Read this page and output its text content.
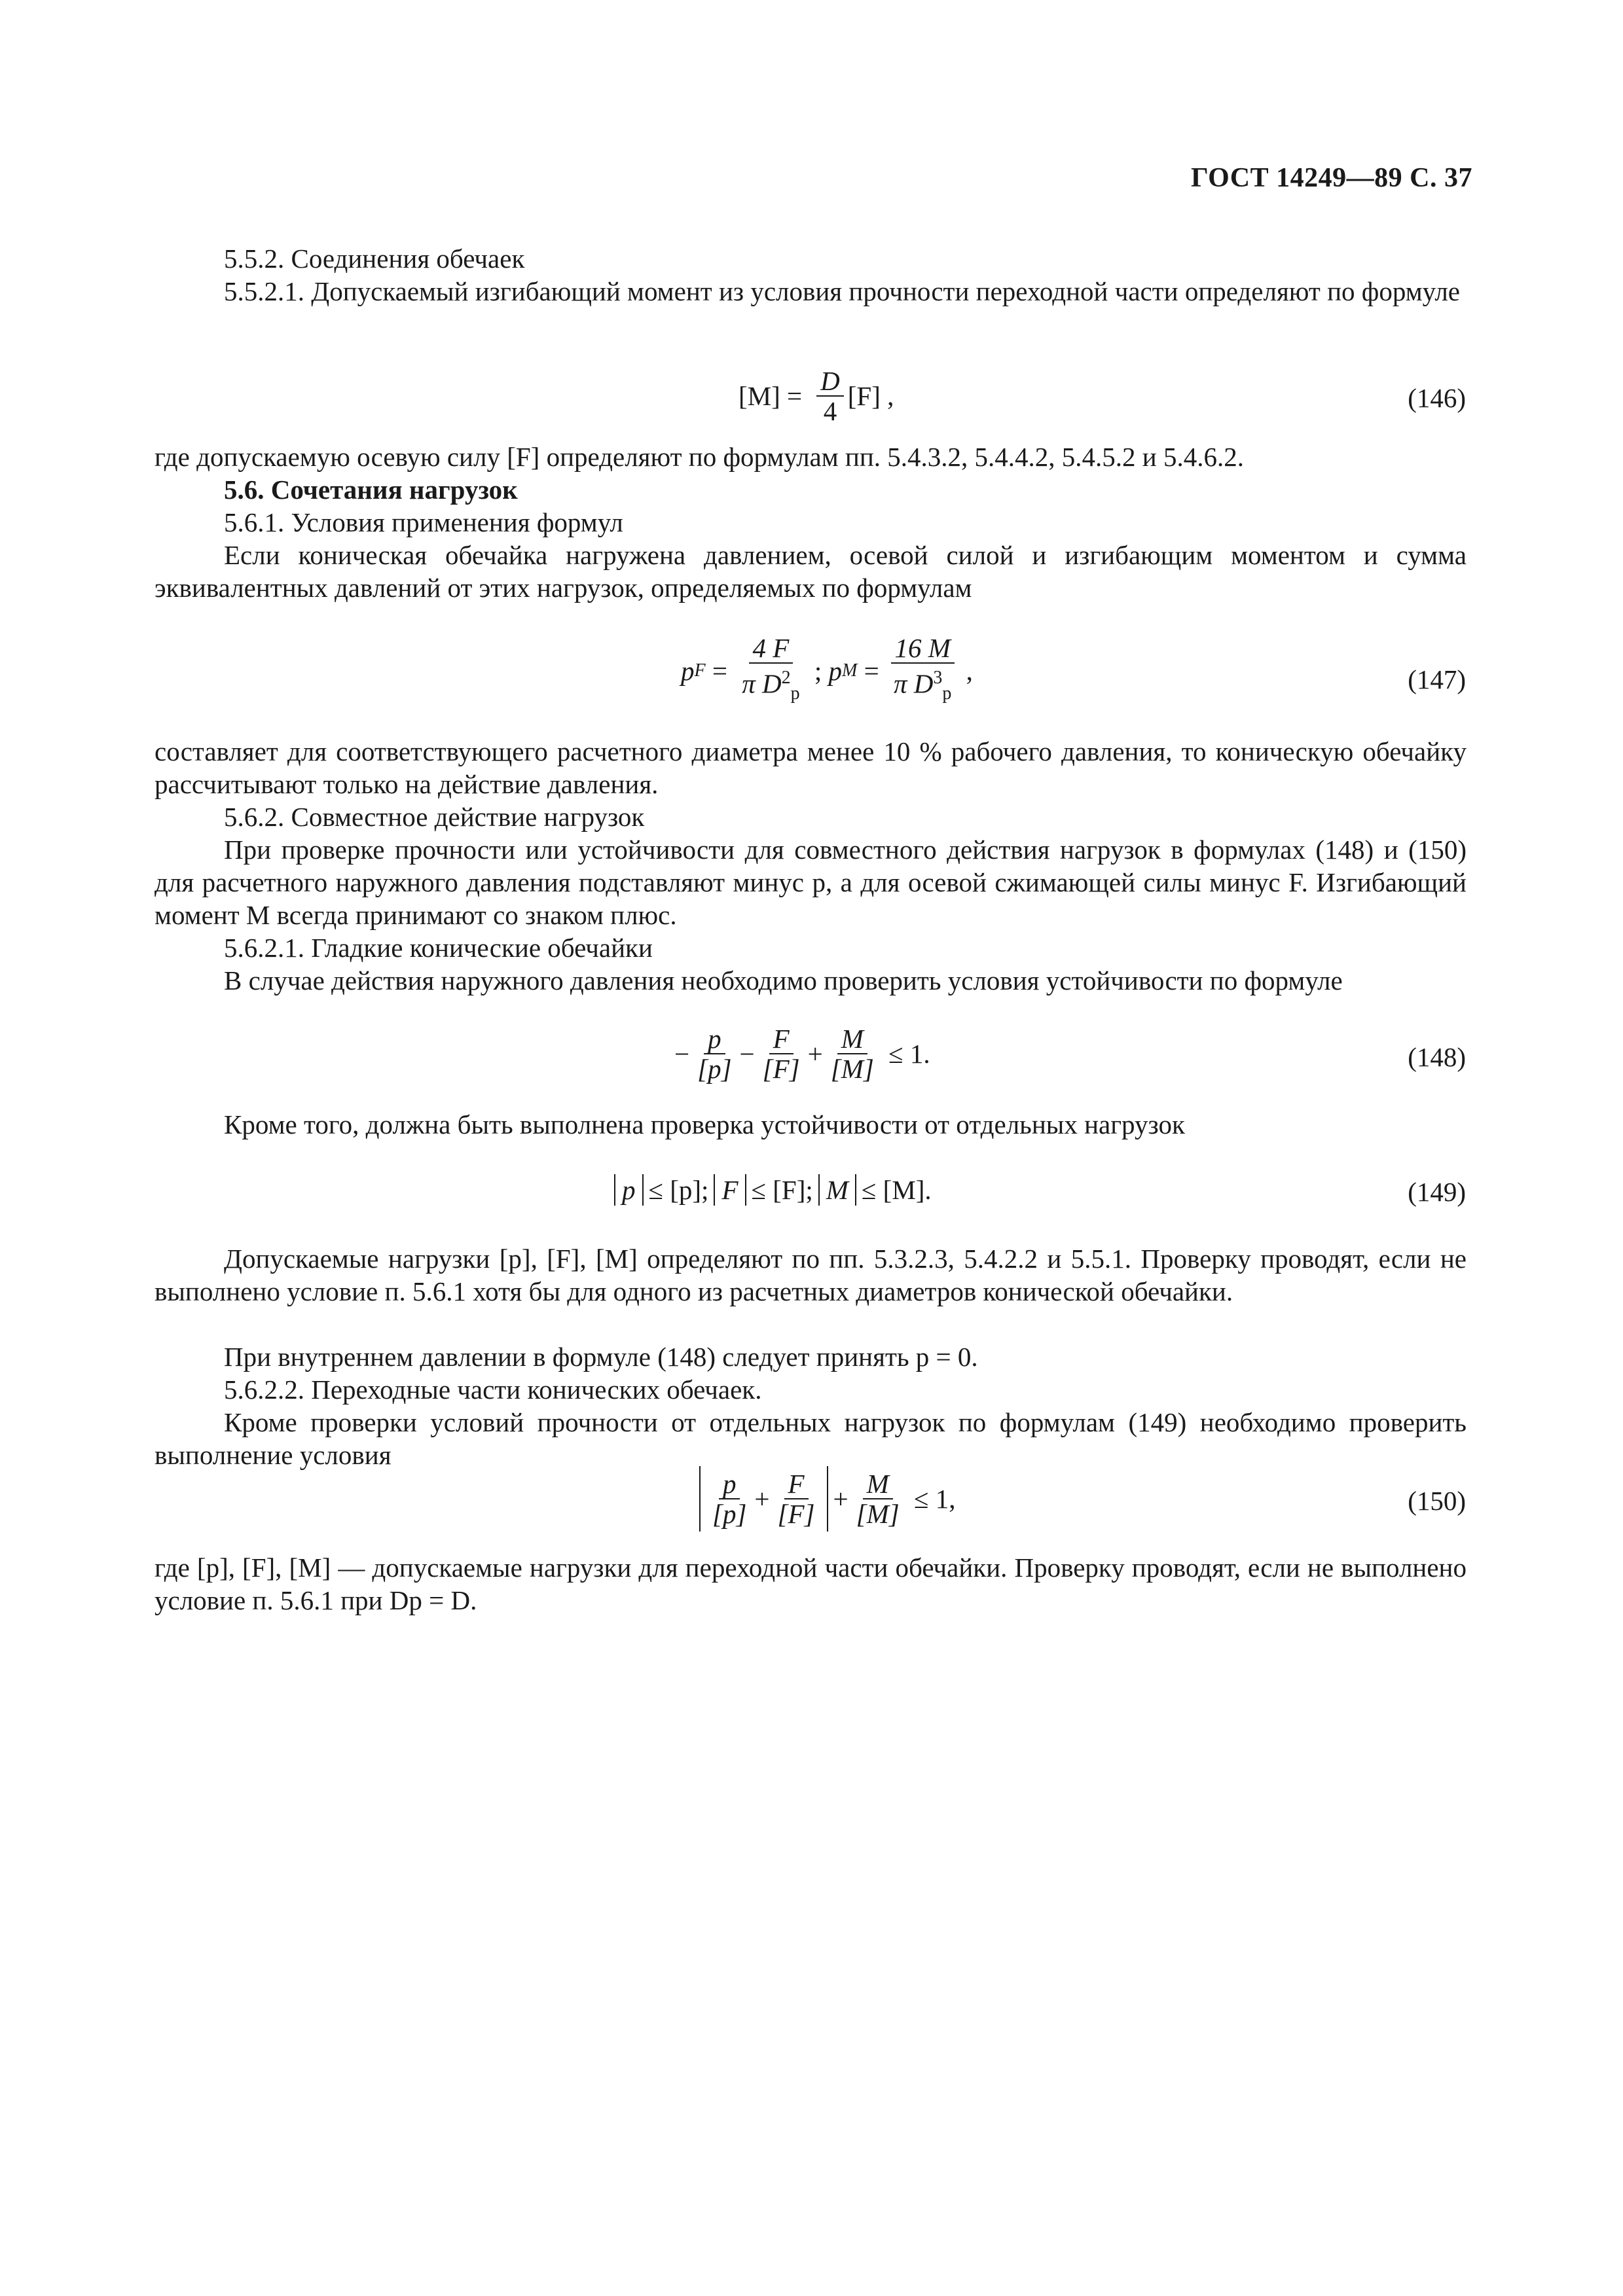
ГОСТ 14249—89 С. 37

5.5.2. Соединения обечаек

5.5.2.1. Допускаемый изгибающий момент из условия прочности переходной части определяют по формуле

$[M] = \frac{D}{4} [F]$ ,	(146)

где допускаемую осевую силу [F] определяют по формулам пп. 5.4.3.2, 5.4.4.2, 5.4.5.2 и 5.4.6.2.

5.6. Сочетания нагрузок

5.6.1. Условия применения формул

Если коническая обечайка нагружена давлением, осевой силой и изгибающим моментом и сумма эквивалентных давлений от этих нагрузок, определяемых по формулам

p $F = \frac{4 F}{\pi D^2_р}$ ; p $M = \frac{16 M}{\pi D^3_р}$ ,	(147)

составляет для соответствующего расчетного диаметра менее 10 % рабочего давления, то коническую обечайку рассчитывают только на действие давления.

5.6.2. Совместное действие нагрузок

При проверке прочности или устойчивости для совместного действия нагрузок в формулах (148) и (150) для расчетного наружного давления подставляют минус p, а для осевой сжимающей силы минус F. Изгибающий момент M всегда принимают со знаком плюс.

5.6.2.1. Гладкие конические обечайки

В случае действия наружного давления необходимо проверить условия устойчивости по формуле

− $\frac{p}{[p]} - \frac{F}{[F]} + \frac{M}{[M]}$
≤ 1.	(148)

Кроме того, должна быть выполнена проверка устойчивости от отдельных нагрузок

p ≤ [p]; F ≤ [F]; M ≤ [M].	(149)

Допускаемые нагрузки [p], [F], [M] определяют по пп. 5.3.2.3, 5.4.2.2 и 5.5.1. Проверку проводят, если не выполнено условие п. 5.6.1 хотя бы для одного из расчетных диаметров конической обечайки.

При внутреннем давлении в формуле (148) следует принять p = 0.

5.6.2.2. Переходные части конических обечаек.

Кроме проверки условий прочности от отдельных нагрузок по формулам (149) необходимо проверить выполнение условия

$\frac{p}{[p]} + \frac{F}{[F]} + \frac{M}{[M]}$
≤ 1,	(150)

где [p], [F], [M] — допускаемые нагрузки для переходной части обечайки. Проверку проводят, если не выполнено условие п. 5.6.1 при Dр = D.
